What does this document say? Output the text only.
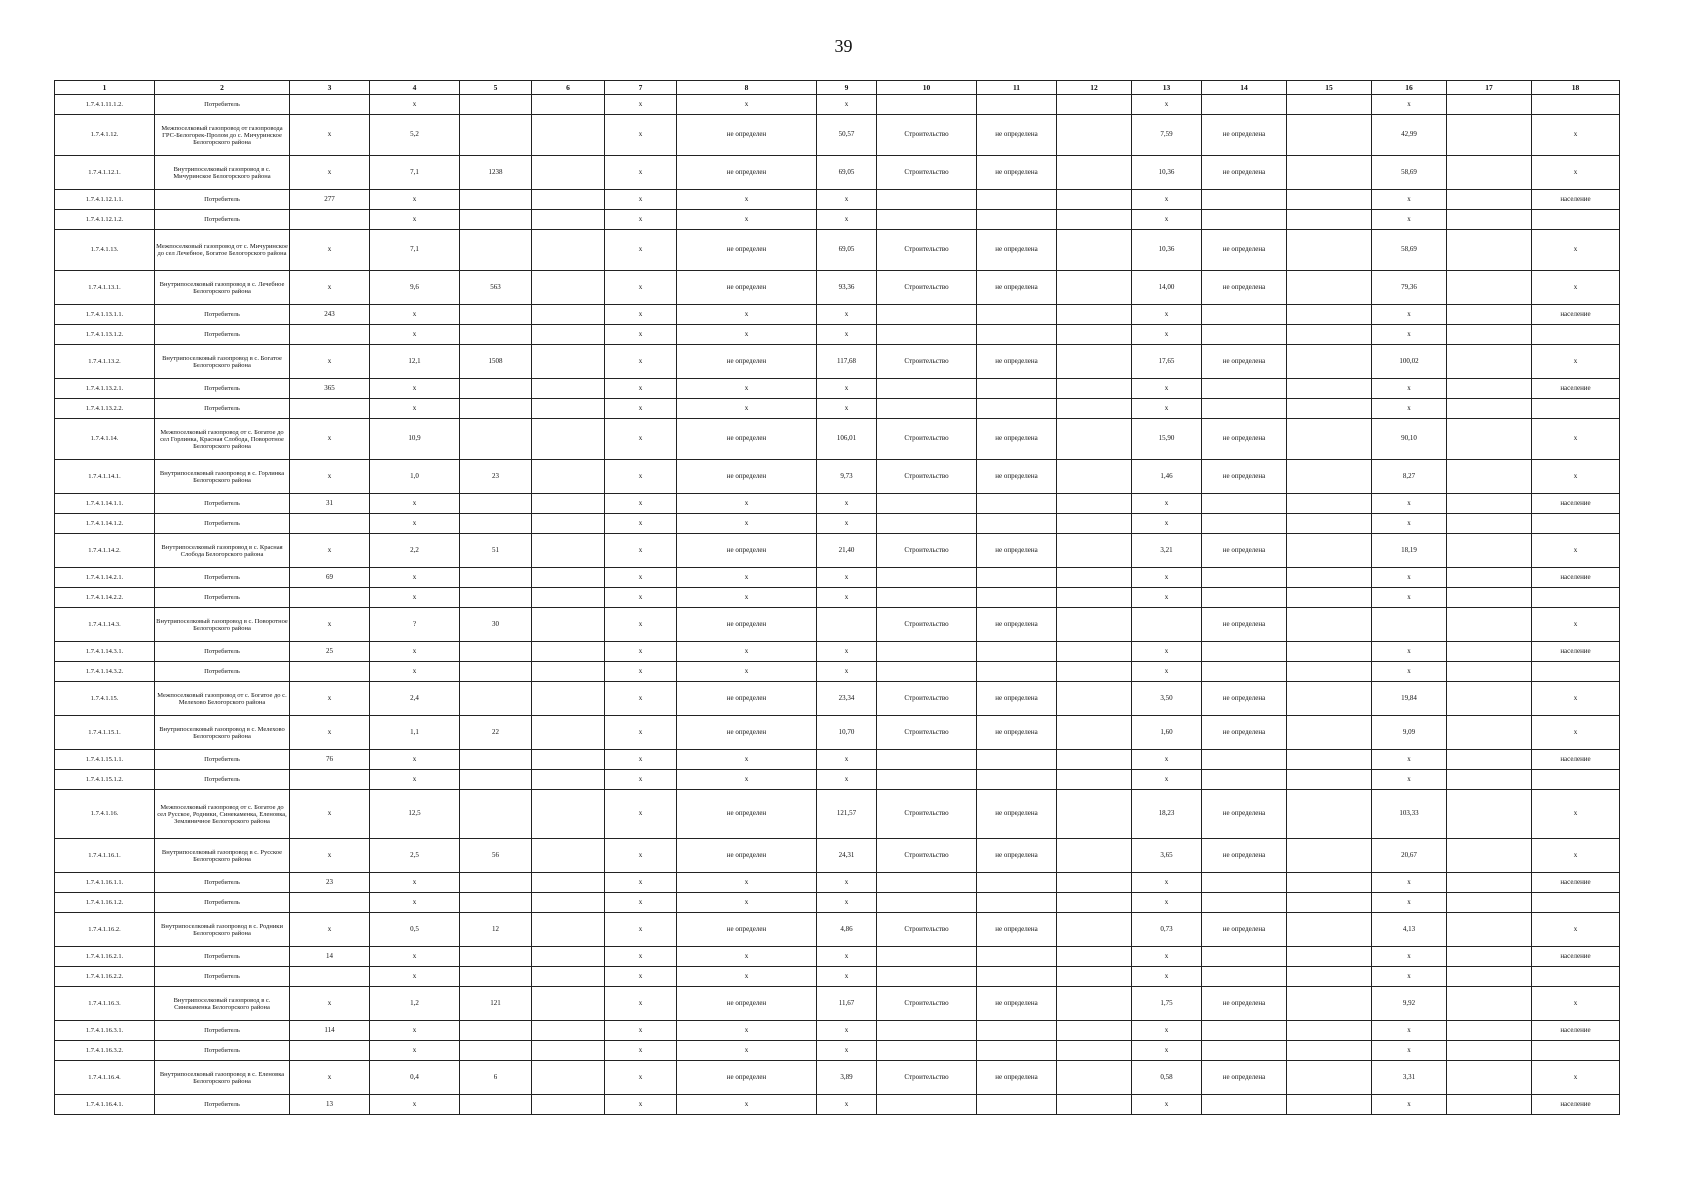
39
1	2	3	4	5	6	7	8	9	10	11	12	13	14	15	16	17	18
1.7.4.1.11.1.2.	Потребитель		x			x	x	x				x			x		
1.7.4.1.12.	Межпоселковый газопровод от газопровода ГРС-Белогорек-Пролом до с. Мичуринское Белогорского района	x	5,2			x	не определен	50,57	Строительство	не определена		7,59	не определена		42,99		x
1.7.4.1.12.1.	Внутрипоселковый газопровод в с. Мичуринское Белогорского района	x	7,1	1238		x	не определен	69,05	Строительство	не определена		10,36	не определена		58,69		x
1.7.4.1.12.1.1.	Потребитель	277	x			x	x	x				x			x		население
1.7.4.1.12.1.2.	Потребитель		x			x	x	x				x			x		
1.7.4.1.13.	Межпоселковый газопровод от с. Мичуринское до сел Лечебное, Богатое Белогорского района	x	7,1			x	не определен	69,05	Строительство	не определена		10,36	не определена		58,69		x
1.7.4.1.13.1.	Внутрипоселковый газопровод в с. Лечебное Белогорского района	x	9,6	563		x	не определен	93,36	Строительство	не определена		14,00	не определена		79,36		x
1.7.4.1.13.1.1.	Потребитель	243	x			x	x	x				x			x		население
1.7.4.1.13.1.2.	Потребитель		x			x	x	x				x			x		
1.7.4.1.13.2.	Внутрипоселковый газопровод в с. Богатое Белогорского района	x	12,1	1508		x	не определен	117,68	Строительство	не определена		17,65	не определена		100,02		x
1.7.4.1.13.2.1.	Потребитель	365	x			x	x	x				x			x		население
1.7.4.1.13.2.2.	Потребитель		x			x	x	x				x			x		
1.7.4.1.14.	Межпоселковый газопровод от с. Богатое до сел Горлинка, Красная Слобода, Поворотное Белогорского района	x	10,9			x	не определен	106,01	Строительство	не определена		15,90	не определена		90,10		x
1.7.4.1.14.1.	Внутрипоселковый газопровод в с. Горлинка Белогорского района	x	1,0	23		x	не определен	9,73	Строительство	не определена		1,46	не определена		8,27		x
1.7.4.1.14.1.1.	Потребитель	31	x			x	x	x				x			x		население
1.7.4.1.14.1.2.	Потребитель		x			x	x	x				x			x		
1.7.4.1.14.2.	Внутрипоселковый газопровод в с. Красная Слобода Белогорского района	x	2,2	51		x	не определен	21,40	Строительство	не определена		3,21	не определена		18,19		x
1.7.4.1.14.2.1.	Потребитель	69	x			x	x	x				x			x		население
1.7.4.1.14.2.2.	Потребитель		x			x	x	x				x			x		
1.7.4.1.14.3.	Внутрипоселковый газопровод в с. Поворотное Белогорского района	x	?	30		x	не определен		Строительство	не определена			не определена				x
1.7.4.1.14.3.1.	Потребитель	25	x			x	x	x				x			x		население
1.7.4.1.14.3.2.	Потребитель		x			x	x	x				x			x		
1.7.4.1.15.	Межпоселковый газопровод от с. Богатое до с. Мелехово Белогорского района	x	2,4			x	не определен	23,34	Строительство	не определена		3,50	не определена		19,84		x
1.7.4.1.15.1.	Внутрипоселковый газопровод в с. Мелехово Белогорского района	x	1,1	22		x	не определен	10,70	Строительство	не определена		1,60	не определена		9,09		x
1.7.4.1.15.1.1.	Потребитель	76	x			x	x	x				x			x		население
1.7.4.1.15.1.2.	Потребитель		x			x	x	x				x			x		
1.7.4.1.16.	Межпоселковый газопровод от с. Богатое до сел Русское, Родники, Синекаменка, Еленовка, Земляничное Белогорского района	x	12,5			x	не определен	121,57	Строительство	не определена		18,23	не определена		103,33		x
1.7.4.1.16.1.	Внутрипоселковый газопровод в с. Русское Белогорского района	x	2,5	56		x	не определен	24,31	Строительство	не определена		3,65	не определена		20,67		x
1.7.4.1.16.1.1.	Потребитель	23	x			x	x	x				x			x		население
1.7.4.1.16.1.2.	Потребитель		x			x	x	x				x			x		
1.7.4.1.16.2.	Внутрипоселковый газопровод в с. Родники Белогорского района	x	0,5	12		x	не определен	4,86	Строительство	не определена		0,73	не определена		4,13		x
1.7.4.1.16.2.1.	Потребитель	14	x			x	x	x				x			x		население
1.7.4.1.16.2.2.	Потребитель		x			x	x	x				x			x		
1.7.4.1.16.3.	Внутрипоселковый газопровод в с. Синекаменка Белогорского района	x	1,2	121		x	не определен	11,67	Строительство	не определена		1,75	не определена		9,92		x
1.7.4.1.16.3.1.	Потребитель	114	x			x	x	x				x			x		население
1.7.4.1.16.3.2.	Потребитель		x			x	x	x				x			x		
1.7.4.1.16.4.	Внутрипоселковый газопровод в с. Еленовка Белогорского района	x	0,4	6		x	не определен	3,89	Строительство	не определена		0,58	не определена		3,31		x
1.7.4.1.16.4.1.	Потребитель	13	x			x	x	x				x			x		население
